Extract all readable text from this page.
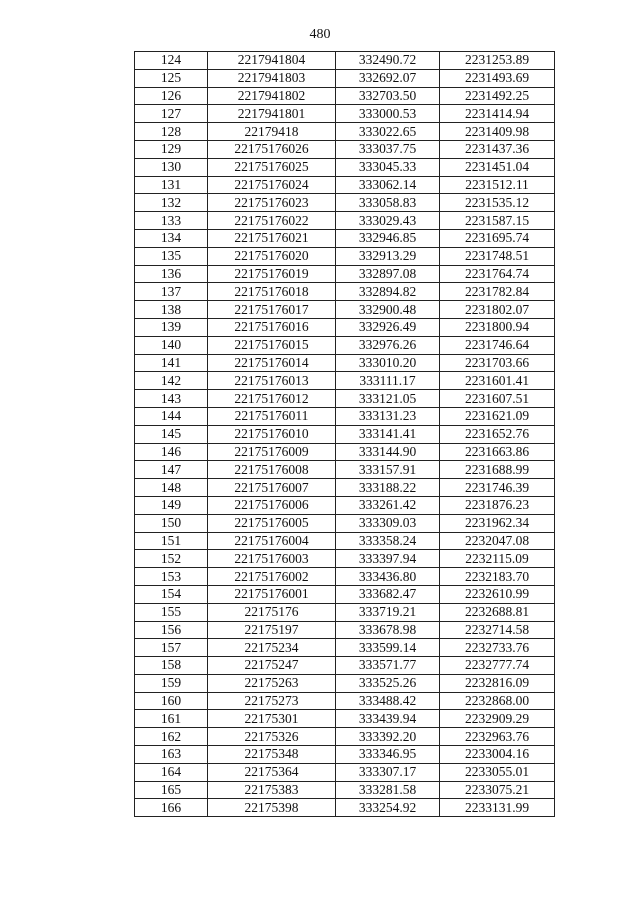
480
124	2217941804	332490.72	2231253.89
125	2217941803	332692.07	2231493.69
126	2217941802	332703.50	2231492.25
127	2217941801	333000.53	2231414.94
128	22179418	333022.65	2231409.98
129	22175176026	333037.75	2231437.36
130	22175176025	333045.33	2231451.04
131	22175176024	333062.14	2231512.11
132	22175176023	333058.83	2231535.12
133	22175176022	333029.43	2231587.15
134	22175176021	332946.85	2231695.74
135	22175176020	332913.29	2231748.51
136	22175176019	332897.08	2231764.74
137	22175176018	332894.82	2231782.84
138	22175176017	332900.48	2231802.07
139	22175176016	332926.49	2231800.94
140	22175176015	332976.26	2231746.64
141	22175176014	333010.20	2231703.66
142	22175176013	333111.17	2231601.41
143	22175176012	333121.05	2231607.51
144	22175176011	333131.23	2231621.09
145	22175176010	333141.41	2231652.76
146	22175176009	333144.90	2231663.86
147	22175176008	333157.91	2231688.99
148	22175176007	333188.22	2231746.39
149	22175176006	333261.42	2231876.23
150	22175176005	333309.03	2231962.34
151	22175176004	333358.24	2232047.08
152	22175176003	333397.94	2232115.09
153	22175176002	333436.80	2232183.70
154	22175176001	333682.47	2232610.99
155	22175176	333719.21	2232688.81
156	22175197	333678.98	2232714.58
157	22175234	333599.14	2232733.76
158	22175247	333571.77	2232777.74
159	22175263	333525.26	2232816.09
160	22175273	333488.42	2232868.00
161	22175301	333439.94	2232909.29
162	22175326	333392.20	2232963.76
163	22175348	333346.95	2233004.16
164	22175364	333307.17	2233055.01
165	22175383	333281.58	2233075.21
166	22175398	333254.92	2233131.99
